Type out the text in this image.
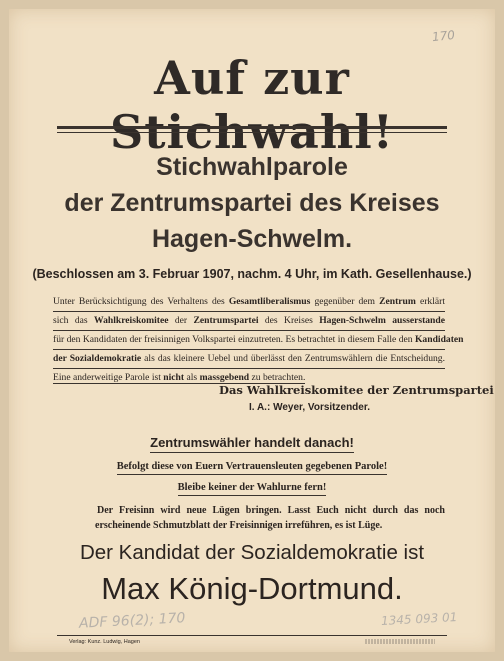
170
Auf zur
Stichwahlparole
der Zentrumspartei des Kreises
Hagen-Schwelm.
(Beschlossen am 3. Februar 1907, nachm. 4 Uhr, im Kath. Gesellenhause.)
Unter Berücksichtigung des Verhaltens des Gesamtliberalismus gegenüber dem Zentrum erklärt
sich das Wahlkreiskomitee der Zentrumspartei des Kreises Hagen-Schwelm ausserstande
für den Kandidaten der freisinnigen Volkspartei einzutreten. Es betrachtet in diesem Falle den Kandidaten
der Sozialdemokratie als das kleinere Uebel und überlässt den Zentrumswählern die Entscheidung.
Eine anderweitige Parole ist nicht als massgebend zu betrachten.
Das Wahlkreiskomitee der Zentrumspartei
I. A.: Weyer, Vorsitzender.
Zentrumswähler handelt danach!
Befolgt diese von Euern Vertrauensleuten gegebenen Parole!
Bleibe keiner der Wahlurne fern!
Der Freisinn wird neue Lügen bringen. Lasst Euch nicht durch das noch
erscheinende Schmutzblatt der Freisinnigen irreführen, es ist Lüge.
Der Kandidat der Sozialdemokratie ist
Max König-Dortmund.
ADF 96(2); 170	1345 093 01
Verlag: Kunz. Ludwig, Hagen
